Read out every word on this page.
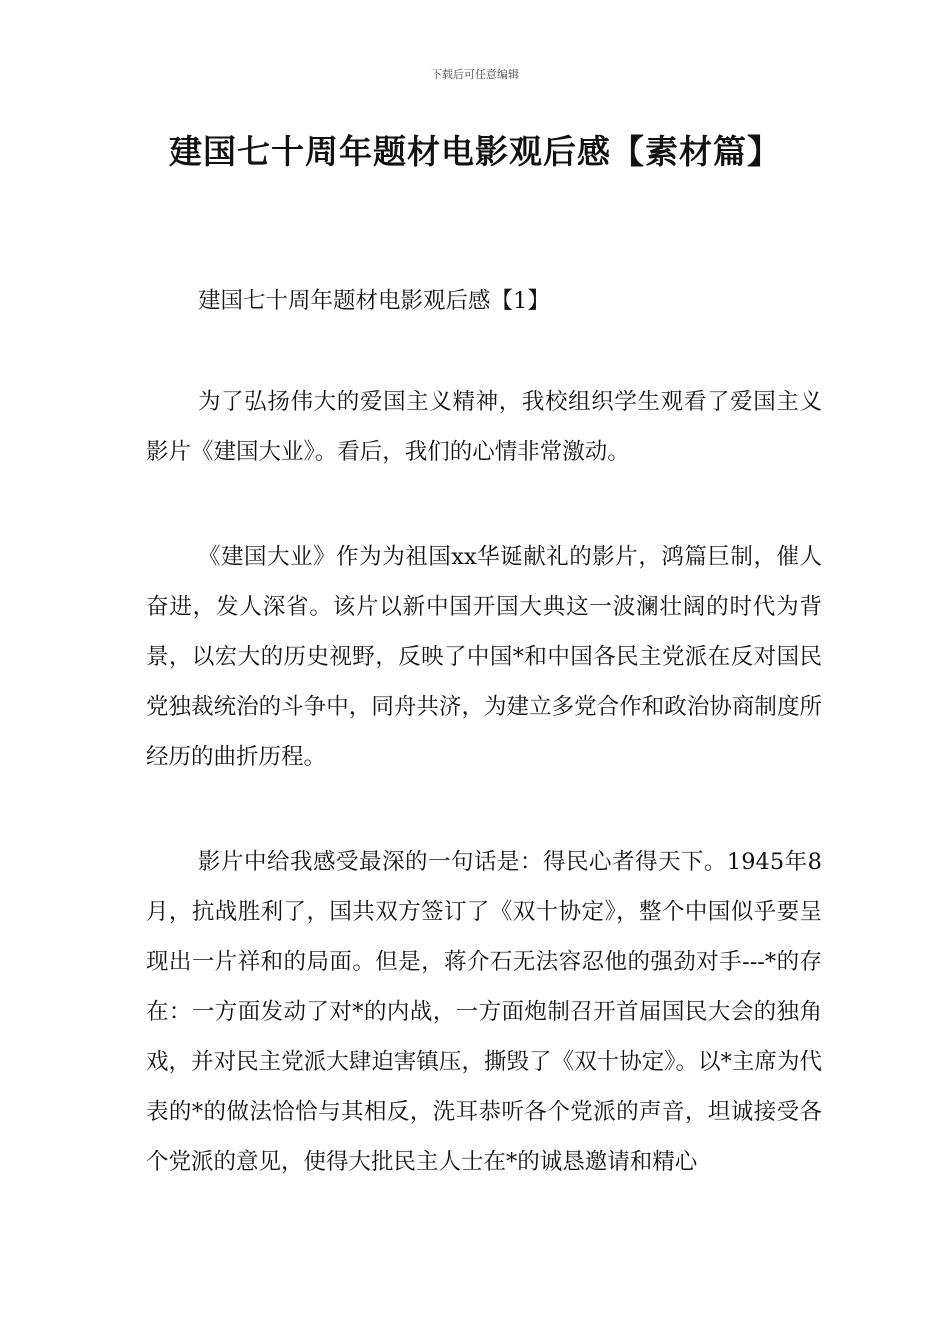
下载后可任意编辑
建国七十周年题材电影观后感【素材篇】

建国七十周年题材电影观后感【1】

为了弘扬伟大的爱国主义精神，我校组织学生观看了爱国主义影片《建国大业》。看后，我们的心情非常激动。

《建国大业》作为为祖国xx华诞献礼的影片，鸿篇巨制，催人奋进，发人深省。该片以新中国开国大典这一波澜壮阔的时代为背景，以宏大的历史视野，反映了中国*和中国各民主党派在反对国民党独裁统治的斗争中，同舟共济，为建立多党合作和政治协商制度所经历的曲折历程。

影片中给我感受最深的一句话是：得民心者得天下。1945年8月，抗战胜利了，国共双方签订了《双十协定》，整个中国似乎要呈现出一片祥和的局面。但是，蒋介石无法容忍他的强劲对手---*的存在：一方面发动了对*的内战，一方面炮制召开首届国民大会的独角戏，并对民主党派大肆迫害镇压，撕毁了《双十协定》。以*主席为代表的*的做法恰恰与其相反，洗耳恭听各个党派的声音，坦诚接受各个党派的意见，使得大批民主人士在*的诚恳邀请和精心
